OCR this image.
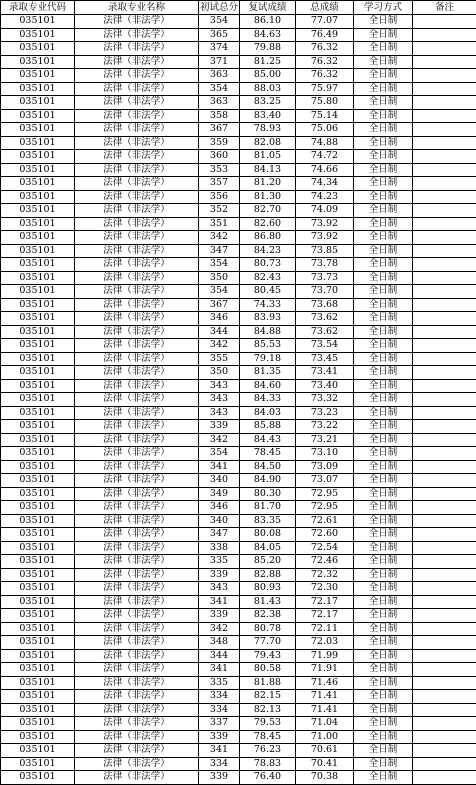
录取专业代码	录取专业名称	初试总分	复试成绩	总成绩	学习方式	备注
035101	法律（非法学）	354	86.10	77.07	全日制	
035101	法律（非法学）	365	84.63	76.49	全日制	
035101	法律（非法学）	374	79.88	76.32	全日制	
035101	法律（非法学）	371	81.25	76.32	全日制	
035101	法律（非法学）	363	85.00	76.32	全日制	
035101	法律（非法学）	354	88.03	75.97	全日制	
035101	法律（非法学）	363	83.25	75.80	全日制	
035101	法律（非法学）	358	83.40	75.14	全日制	
035101	法律（非法学）	367	78.93	75.06	全日制	
035101	法律（非法学）	359	82.08	74.88	全日制	
035101	法律（非法学）	360	81.05	74.72	全日制	
035101	法律（非法学）	353	84.13	74.66	全日制	
035101	法律（非法学）	357	81.20	74.34	全日制	
035101	法律（非法学）	356	81.30	74.23	全日制	
035101	法律（非法学）	352	82.70	74.09	全日制	
035101	法律（非法学）	351	82.60	73.92	全日制	
035101	法律（非法学）	342	86.80	73.92	全日制	
035101	法律（非法学）	347	84.23	73.85	全日制	
035101	法律（非法学）	354	80.73	73.78	全日制	
035101	法律（非法学）	350	82.43	73.73	全日制	
035101	法律（非法学）	354	80.45	73.70	全日制	
035101	法律（非法学）	367	74.33	73.68	全日制	
035101	法律（非法学）	346	83.93	73.62	全日制	
035101	法律（非法学）	344	84.88	73.62	全日制	
035101	法律（非法学）	342	85.53	73.54	全日制	
035101	法律（非法学）	355	79.18	73.45	全日制	
035101	法律（非法学）	350	81.35	73.41	全日制	
035101	法律（非法学）	343	84.60	73.40	全日制	
035101	法律（非法学）	343	84.33	73.32	全日制	
035101	法律（非法学）	343	84.03	73.23	全日制	
035101	法律（非法学）	339	85.88	73.22	全日制	
035101	法律（非法学）	342	84.43	73.21	全日制	
035101	法律（非法学）	354	78.45	73.10	全日制	
035101	法律（非法学）	341	84.50	73.09	全日制	
035101	法律（非法学）	340	84.90	73.07	全日制	
035101	法律（非法学）	349	80.30	72.95	全日制	
035101	法律（非法学）	346	81.70	72.95	全日制	
035101	法律（非法学）	340	83.35	72.61	全日制	
035101	法律（非法学）	347	80.08	72.60	全日制	
035101	法律（非法学）	338	84.05	72.54	全日制	
035101	法律（非法学）	335	85.20	72.46	全日制	
035101	法律（非法学）	339	82.88	72.32	全日制	
035101	法律（非法学）	343	80.93	72.30	全日制	
035101	法律（非法学）	341	81.43	72.17	全日制	
035101	法律（非法学）	339	82.38	72.17	全日制	
035101	法律（非法学）	342	80.78	72.11	全日制	
035101	法律（非法学）	348	77.70	72.03	全日制	
035101	法律（非法学）	344	79.43	71.99	全日制	
035101	法律（非法学）	341	80.58	71.91	全日制	
035101	法律（非法学）	335	81.88	71.46	全日制	
035101	法律（非法学）	334	82.15	71.41	全日制	
035101	法律（非法学）	334	82.13	71.41	全日制	
035101	法律（非法学）	337	79.53	71.04	全日制	
035101	法律（非法学）	339	78.45	71.00	全日制	
035101	法律（非法学）	341	76.23	70.61	全日制	
035101	法律（非法学）	334	78.83	70.41	全日制	
035101	法律（非法学）	339	76.40	70.38	全日制	
